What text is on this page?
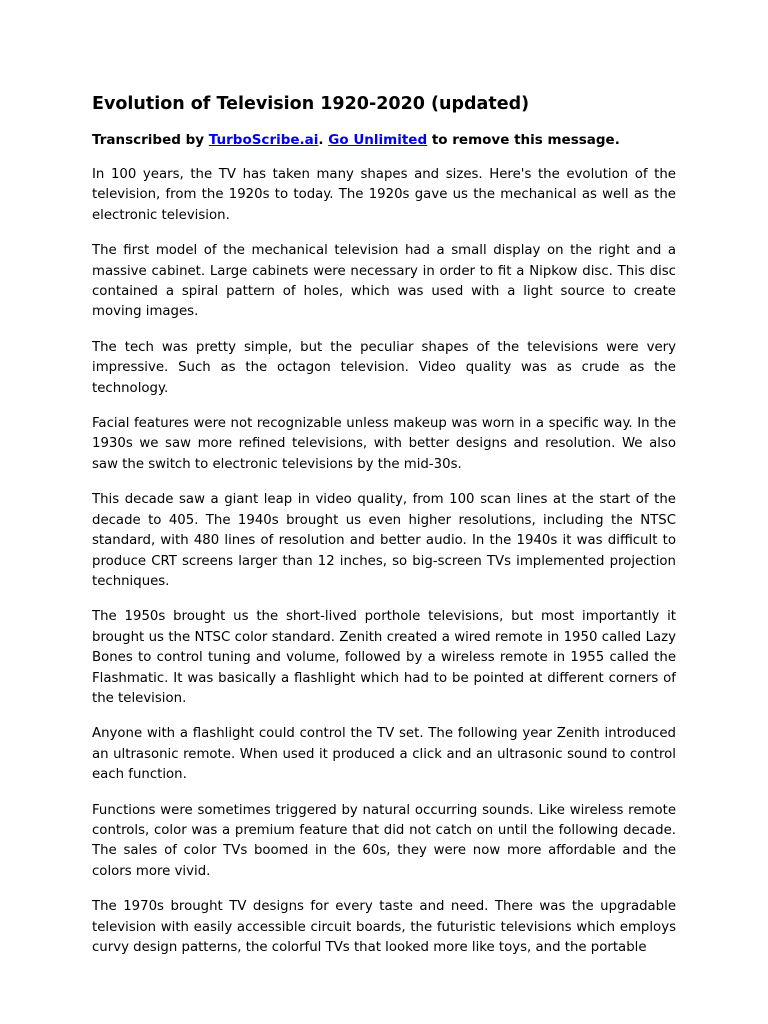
Evolution of Television 1920-2020 (updated)

Transcribed by TurboScribe.ai. Go Unlimited to remove this message.

In 100 years, the TV has taken many shapes and sizes. Here's the evolution of the television, from the 1920s to today. The 1920s gave us the mechanical as well as the electronic television.

The first model of the mechanical television had a small display on the right and a massive cabinet. Large cabinets were necessary in order to fit a Nipkow disc. This disc contained a spiral pattern of holes, which was used with a light source to create moving images.

The tech was pretty simple, but the peculiar shapes of the televisions were very impressive. Such as the octagon television. Video quality was as crude as the technology.

Facial features were not recognizable unless makeup was worn in a specific way. In the 1930s we saw more refined televisions, with better designs and resolution. We also saw the switch to electronic televisions by the mid-30s.

This decade saw a giant leap in video quality, from 100 scan lines at the start of the decade to 405. The 1940s brought us even higher resolutions, including the NTSC standard, with 480 lines of resolution and better audio. In the 1940s it was difficult to produce CRT screens larger than 12 inches, so big-screen TVs implemented projection techniques.

The 1950s brought us the short-lived porthole televisions, but most importantly it brought us the NTSC color standard. Zenith created a wired remote in 1950 called Lazy Bones to control tuning and volume, followed by a wireless remote in 1955 called the Flashmatic. It was basically a flashlight which had to be pointed at different corners of the television.

Anyone with a flashlight could control the TV set. The following year Zenith introduced an ultrasonic remote. When used it produced a click and an ultrasonic sound to control each function.

Functions were sometimes triggered by natural occurring sounds. Like wireless remote controls, color was a premium feature that did not catch on until the following decade. The sales of color TVs boomed in the 60s, they were now more affordable and the colors more vivid.

The 1970s brought TV designs for every taste and need. There was the upgradable television with easily accessible circuit boards, the futuristic televisions which employs curvy design patterns, the colorful TVs that looked more like toys, and the portable
